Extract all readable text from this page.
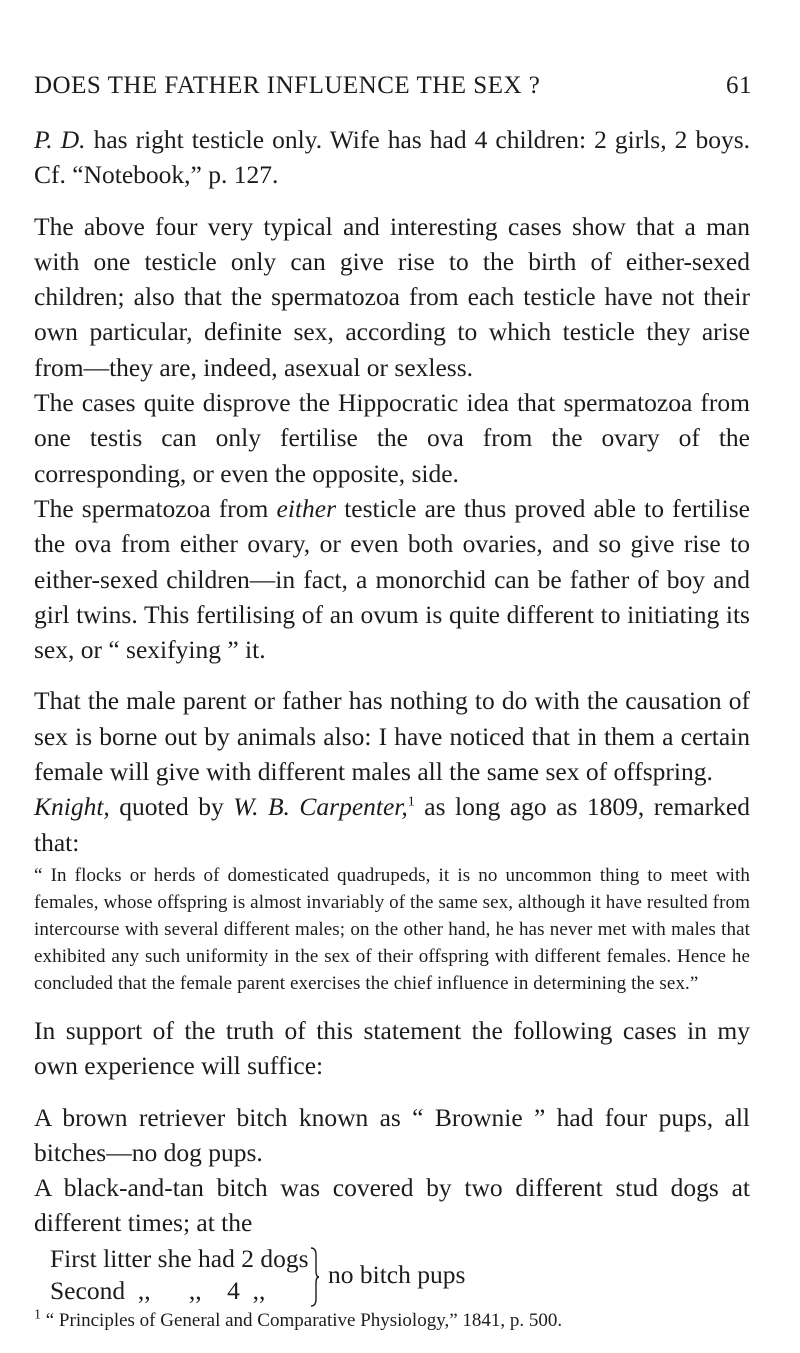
DOES THE FATHER INFLUENCE THE SEX ?	61

P. D. has right testicle only. Wife has had 4 children: 2 girls, 2 boys. Cf. “Notebook,” p. 127.

The above four very typical and interesting cases show that a man with one testicle only can give rise to the birth of either-sexed children; also that the spermatozoa from each testicle have not their own particular, definite sex, according to which testicle they arise from—they are, indeed, asexual or sexless.

The cases quite disprove the Hippocratic idea that spermatozoa from one testis can only fertilise the ova from the ovary of the corresponding, or even the opposite, side.

The spermatozoa from either testicle are thus proved able to fertilise the ova from either ovary, or even both ovaries, and so give rise to either-sexed children—in fact, a monorchid can be father of boy and girl twins. This fertilising of an ovum is quite different to initiating its sex, or “ sexifying ” it.

That the male parent or father has nothing to do with the causation of sex is borne out by animals also: I have noticed that in them a certain female will give with different males all the same sex of offspring.

Knight, quoted by W. B. Carpenter,$^1$ as long ago as 1809, remarked that:

“ In flocks or herds of domesticated quadrupeds, it is no uncommon thing to meet with females, whose offspring is almost invariably of the same sex, although it have resulted from intercourse with several different males; on the other hand, he has never met with males that exhibited any such uniformity in the sex of their offspring with different females. Hence he concluded that the female parent exercises the chief influence in determining the sex.”

In support of the truth of this statement the following cases in my own experience will suffice:

A brown retriever bitch known as “ Brownie ” had four pups, all bitches—no dog pups.

A black-and-tan bitch was covered by two different stud dogs at different times; at the

First litter she had 2 dogs
Second  ,,      ,,    4  ,,
no bitch pups
$^1$ “ Principles of General and Comparative Physiology,” 1841, p. 500.
